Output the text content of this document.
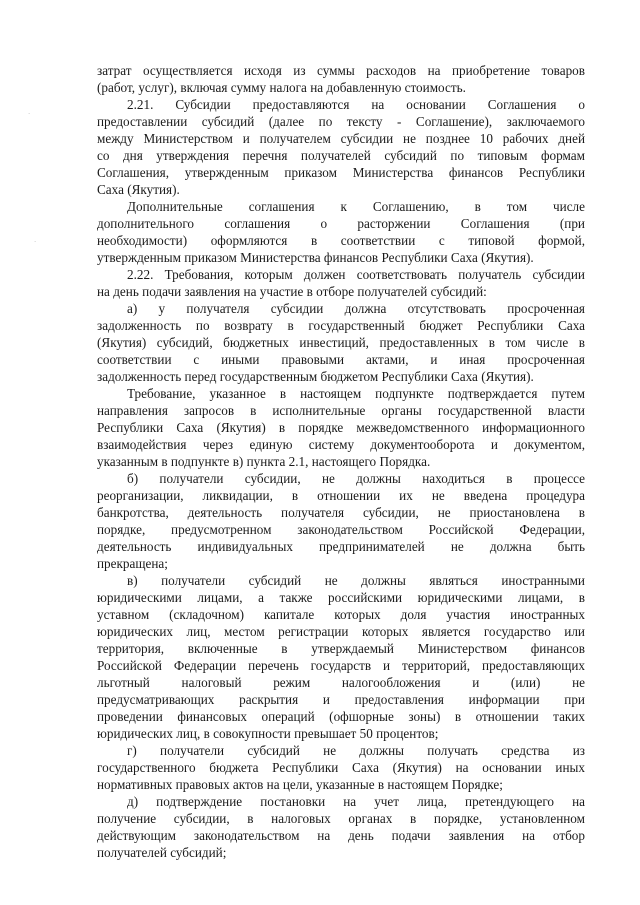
затрат осуществляется исходя из суммы расходов на приобретение товаров
(работ, услуг), включая сумму налога на добавленную стоимость.
2.21. Субсидии предоставляются на основании Соглашения о
предоставлении субсидий (далее по тексту - Соглашение), заключаемого
между Министерством и получателем субсидии не позднее 10 рабочих дней
со дня утверждения перечня получателей субсидий по типовым формам
Соглашения, утвержденным приказом Министерства финансов Республики
Саха (Якутия).
Дополнительные соглашения к Соглашению, в том числе
дополнительного соглашения о расторжении Соглашения (при
необходимости) оформляются в соответствии с типовой формой,
утвержденным приказом Министерства финансов Республики Саха (Якутия).
2.22. Требования, которым должен соответствовать получатель субсидии
на день подачи заявления на участие в отборе получателей субсидий:
а) у получателя субсидии должна отсутствовать просроченная
задолженность по возврату в государственный бюджет Республики Саха
(Якутия) субсидий, бюджетных инвестиций, предоставленных в том числе в
соответствии с иными правовыми актами, и иная просроченная
задолженность перед государственным бюджетом Республики Саха (Якутия).
Требование, указанное в настоящем подпункте подтверждается путем
направления запросов в исполнительные органы государственной власти
Республики Саха (Якутия) в порядке межведомственного информационного
взаимодействия через единую систему документооборота и документом,
указанным в подпункте в) пункта 2.1, настоящего Порядка.
б) получатели субсидии, не должны находиться в процессе
реорганизации, ликвидации, в отношении их не введена процедура
банкротства, деятельность получателя субсидии, не приостановлена в
порядке, предусмотренном законодательством Российской Федерации,
деятельность индивидуальных предпринимателей не должна быть
прекращена;
в) получатели субсидий не должны являться иностранными
юридическими лицами, а также российскими юридическими лицами, в
уставном (складочном) капитале которых доля участия иностранных
юридических лиц, местом регистрации которых является государство или
территория, включенные в утверждаемый Министерством финансов
Российской Федерации перечень государств и территорий, предоставляющих
льготный налоговый режим налогообложения и (или) не
предусматривающих раскрытия и предоставления информации при
проведении финансовых операций (офшорные зоны) в отношении таких
юридических лиц, в совокупности превышает 50 процентов;
г) получатели субсидий не должны получать средства из
государственного бюджета Республики Саха (Якутия) на основании иных
нормативных правовых актов на цели, указанные в настоящем Порядке;
д) подтверждение постановки на учет лица, претендующего на
получение субсидии, в налоговых органах в порядке, установленном
действующим законодательством на день подачи заявления на отбор
получателей субсидий;
·
·
